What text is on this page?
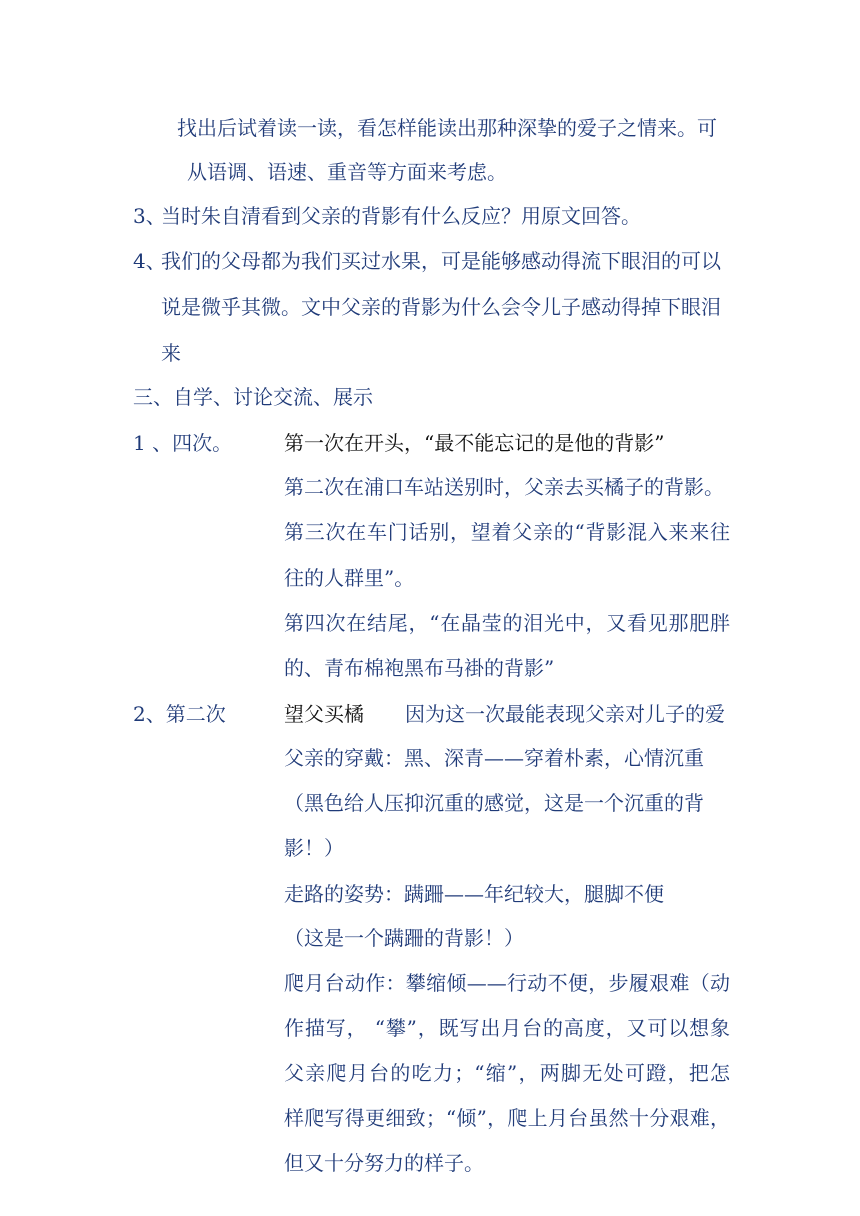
找出后试着读一读，看怎样能读出那种深挚的爱子之情来。可
从语调、语速、重音等方面来考虑。
3、
当时朱自清看到父亲的背影有什么反应？用原文回答。
4、
我们的父母都为我们买过水果，可是能够感动得流下眼泪的可以
说是微乎其微。文中父亲的背影为什么会令儿子感动得掉下眼泪
来
三、自学、讨论交流、展示
1 、四次。	第一次在开头，“最不能忘记的是他的背影”
第二次在浦口车站送别时，父亲去买橘子的背影。
第三次在车门话别，望着父亲的“背影混入来来往
往的人群里”。
第四次在结尾，“在晶莹的泪光中，又看见那肥胖
的、青布棉袍黑布马褂的背影”
2、第二次	望父买橘 因为这一次最能表现父亲对儿子的爱
父亲的穿戴：黑、深青——穿着朴素，心情沉重
（黑色给人压抑沉重的感觉，这是一个沉重的背
影！）
走路的姿势：蹒跚——年纪较大，腿脚不便
（这是一个蹒跚的背影！）
爬月台动作：攀缩倾——行动不便，步履艰难（动
作描写， “攀”，既写出月台的高度，又可以想象
父亲爬月台的吃力；“缩”，两脚无处可蹬，把怎
样爬写得更细致；“倾”，爬上月台虽然十分艰难，
但又十分努力的样子。
